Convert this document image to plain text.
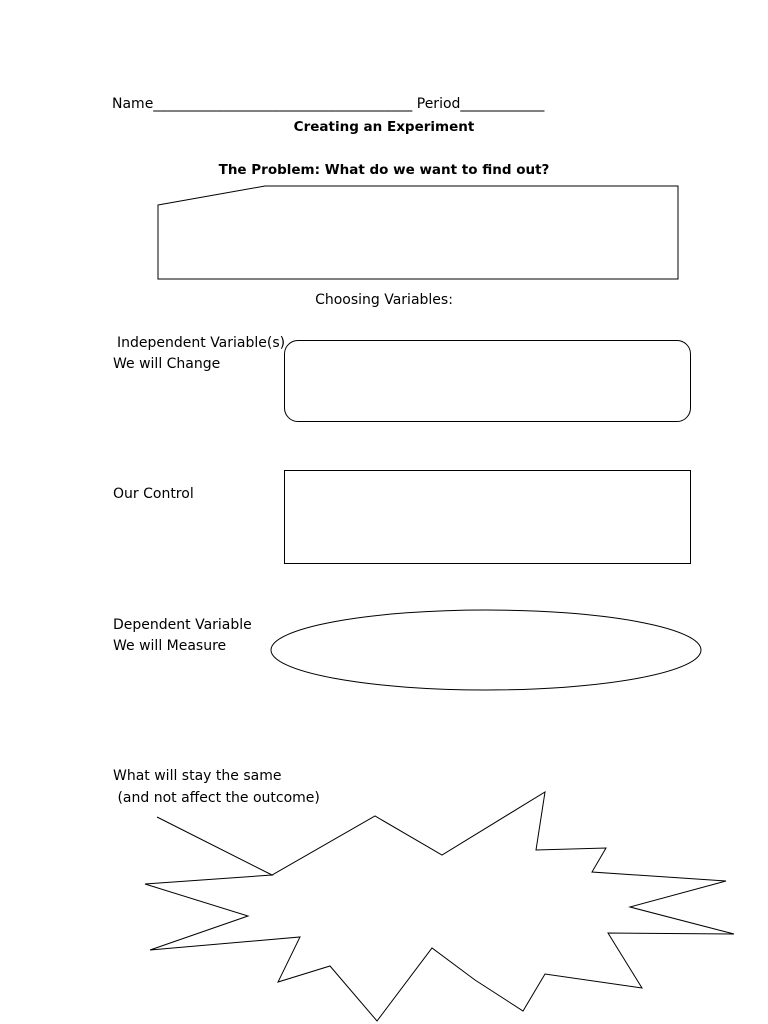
Name_____________________________________ Period____________
Creating an Experiment
The Problem: What do we want to find out?
Choosing Variables:
Independent Variable(s)
We will Change
Our Control
Dependent Variable
We will Measure
What will stay the same
(and not affect the outcome)
